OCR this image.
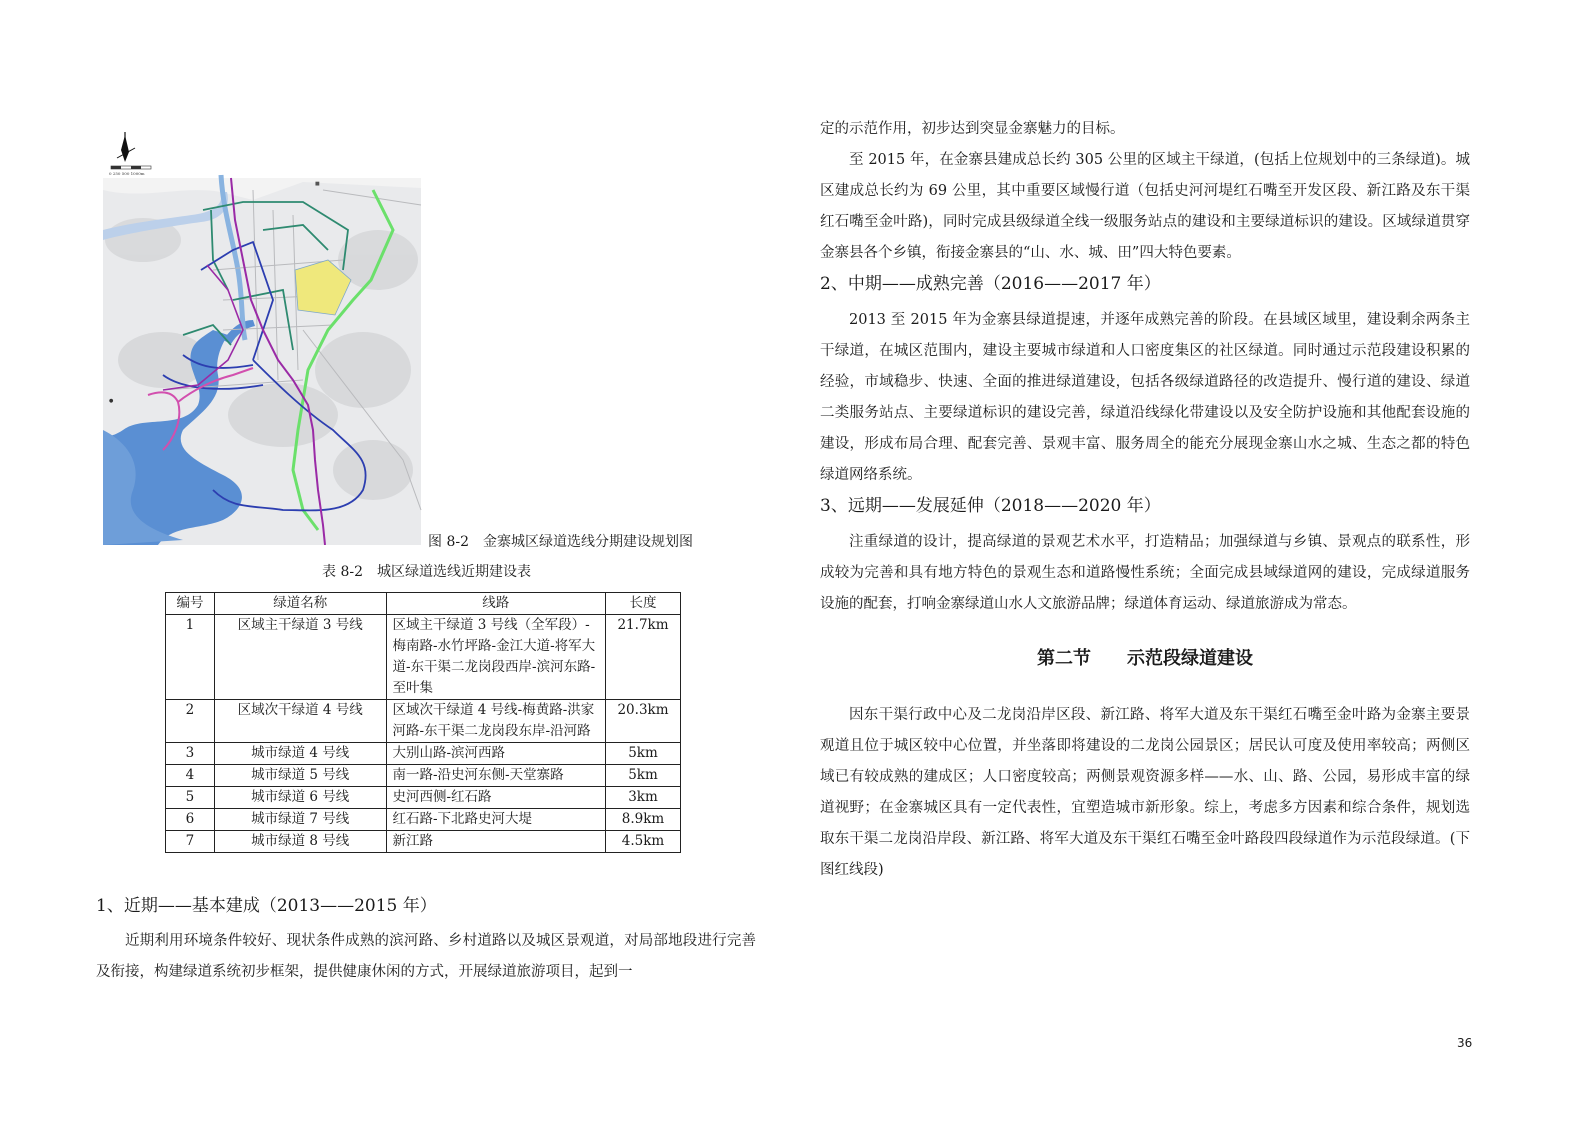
0 250 500 1000m
●
■
图 8-2　金寨城区绿道选线分期建设规划图
表 8-2　城区绿道选线近期建设表
编号	绿道名称	线路	长度
1	区域主干绿道 3 号线	区域主干绿道 3 号线（全军段）-梅南路-水竹坪路-金江大道-将军大道-东干渠二龙岗段西岸-滨河东路-至叶集	21.7km
2	区域次干绿道 4 号线	区域次干绿道 4 号线-梅黄路-洪家河路-东干渠二龙岗段东岸-沿河路	20.3km
3	城市绿道 4 号线	大别山路-滨河西路	5km
4	城市绿道 5 号线	南一路-沿史河东侧-天堂寨路	5km
5	城市绿道 6 号线	史河西侧-红石路	3km
6	城市绿道 7 号线	红石路-下北路史河大堤	8.9km
7	城市绿道 8 号线	新江路	4.5km

1、近期——基本建成（2013——2015 年）

近期利用环境条件较好、现状条件成熟的滨河路、乡村道路以及城区景观道，对局部地段进行完善及衔接，构建绿道系统初步框架，提供健康休闲的方式，开展绿道旅游项目，起到一

定的示范作用，初步达到突显金寨魅力的目标。

至 2015 年，在金寨县建成总长约 305 公里的区域主干绿道，(包括上位规划中的三条绿道)。城区建成总长约为 69 公里，其中重要区域慢行道（包括史河河堤红石嘴至开发区段、新江路及东干渠红石嘴至金叶路)，同时完成县级绿道全线一级服务站点的建设和主要绿道标识的建设。区域绿道贯穿金寨县各个乡镇，衔接金寨县的“山、水、城、田”四大特色要素。

2、中期——成熟完善（2016——2017 年）

2013 至 2015 年为金寨县绿道提速，并逐年成熟完善的阶段。在县域区域里，建设剩余两条主干绿道，在城区范围内，建设主要城市绿道和人口密度集区的社区绿道。同时通过示范段建设积累的经验，市域稳步、快速、全面的推进绿道建设，包括各级绿道路径的改造提升、慢行道的建设、绿道二类服务站点、主要绿道标识的建设完善，绿道沿线绿化带建设以及安全防护设施和其他配套设施的建设，形成布局合理、配套完善、景观丰富、服务周全的能充分展现金寨山水之城、生态之都的特色绿道网络系统。

3、远期——发展延伸（2018——2020 年）

注重绿道的设计，提高绿道的景观艺术水平，打造精品；加强绿道与乡镇、景观点的联系性，形成较为完善和具有地方特色的景观生态和道路慢性系统；全面完成县域绿道网的建设，完成绿道服务设施的配套，打响金寨绿道山水人文旅游品牌；绿道体育运动、绿道旅游成为常态。

第二节　　示范段绿道建设

因东干渠行政中心及二龙岗沿岸区段、新江路、将军大道及东干渠红石嘴至金叶路为金寨主要景观道且位于城区较中心位置，并坐落即将建设的二龙岗公园景区；居民认可度及使用率较高；两侧区域已有较成熟的建成区；人口密度较高；两侧景观资源多样——水、山、路、公园，易形成丰富的绿道视野；在金寨城区具有一定代表性，宜塑造城市新形象。综上，考虑多方因素和综合条件，规划选取东干渠二龙岗沿岸段、新江路、将军大道及东干渠红石嘴至金叶路段四段绿道作为示范段绿道。(下图红线段)

36
